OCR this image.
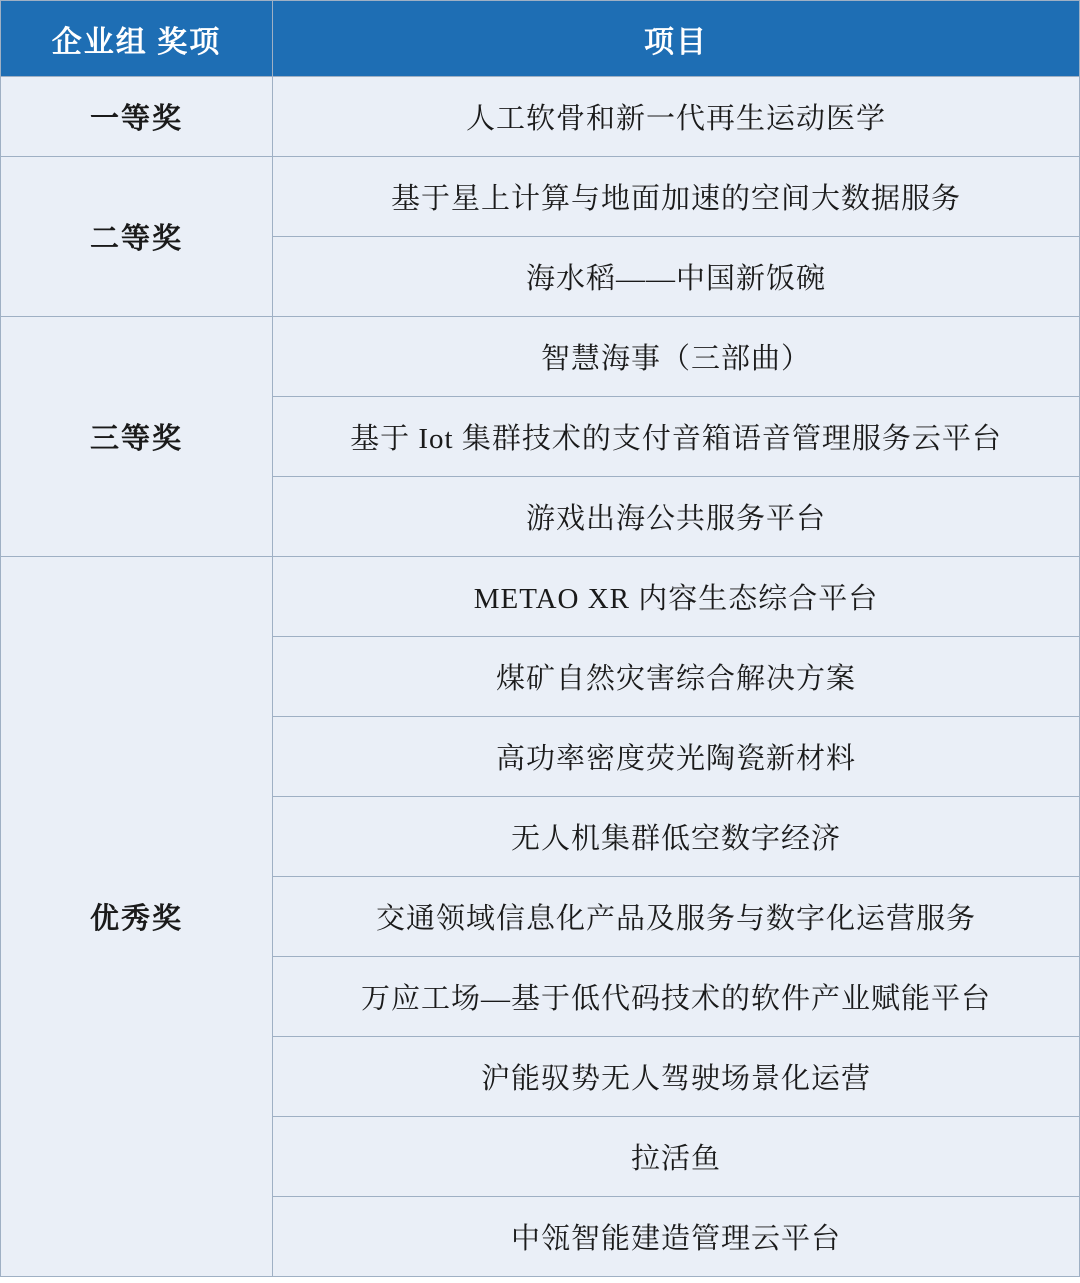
企业组 奖项	项目
一等奖	人工软骨和新一代再生运动医学
二等奖	基于星上计算与地面加速的空间大数据服务
	海水稻——中国新饭碗
三等奖	智慧海事（三部曲）
	基于 Iot 集群技术的支付音箱语音管理服务云平台
	游戏出海公共服务平台
优秀奖	METAO XR 内容生态综合平台
	煤矿自然灾害综合解决方案
	高功率密度荧光陶瓷新材料
	无人机集群低空数字经济
	交通领域信息化产品及服务与数字化运营服务
	万应工场—基于低代码技术的软件产业赋能平台
	沪能驭势无人驾驶场景化运营
	拉活鱼
	中瓴智能建造管理云平台
